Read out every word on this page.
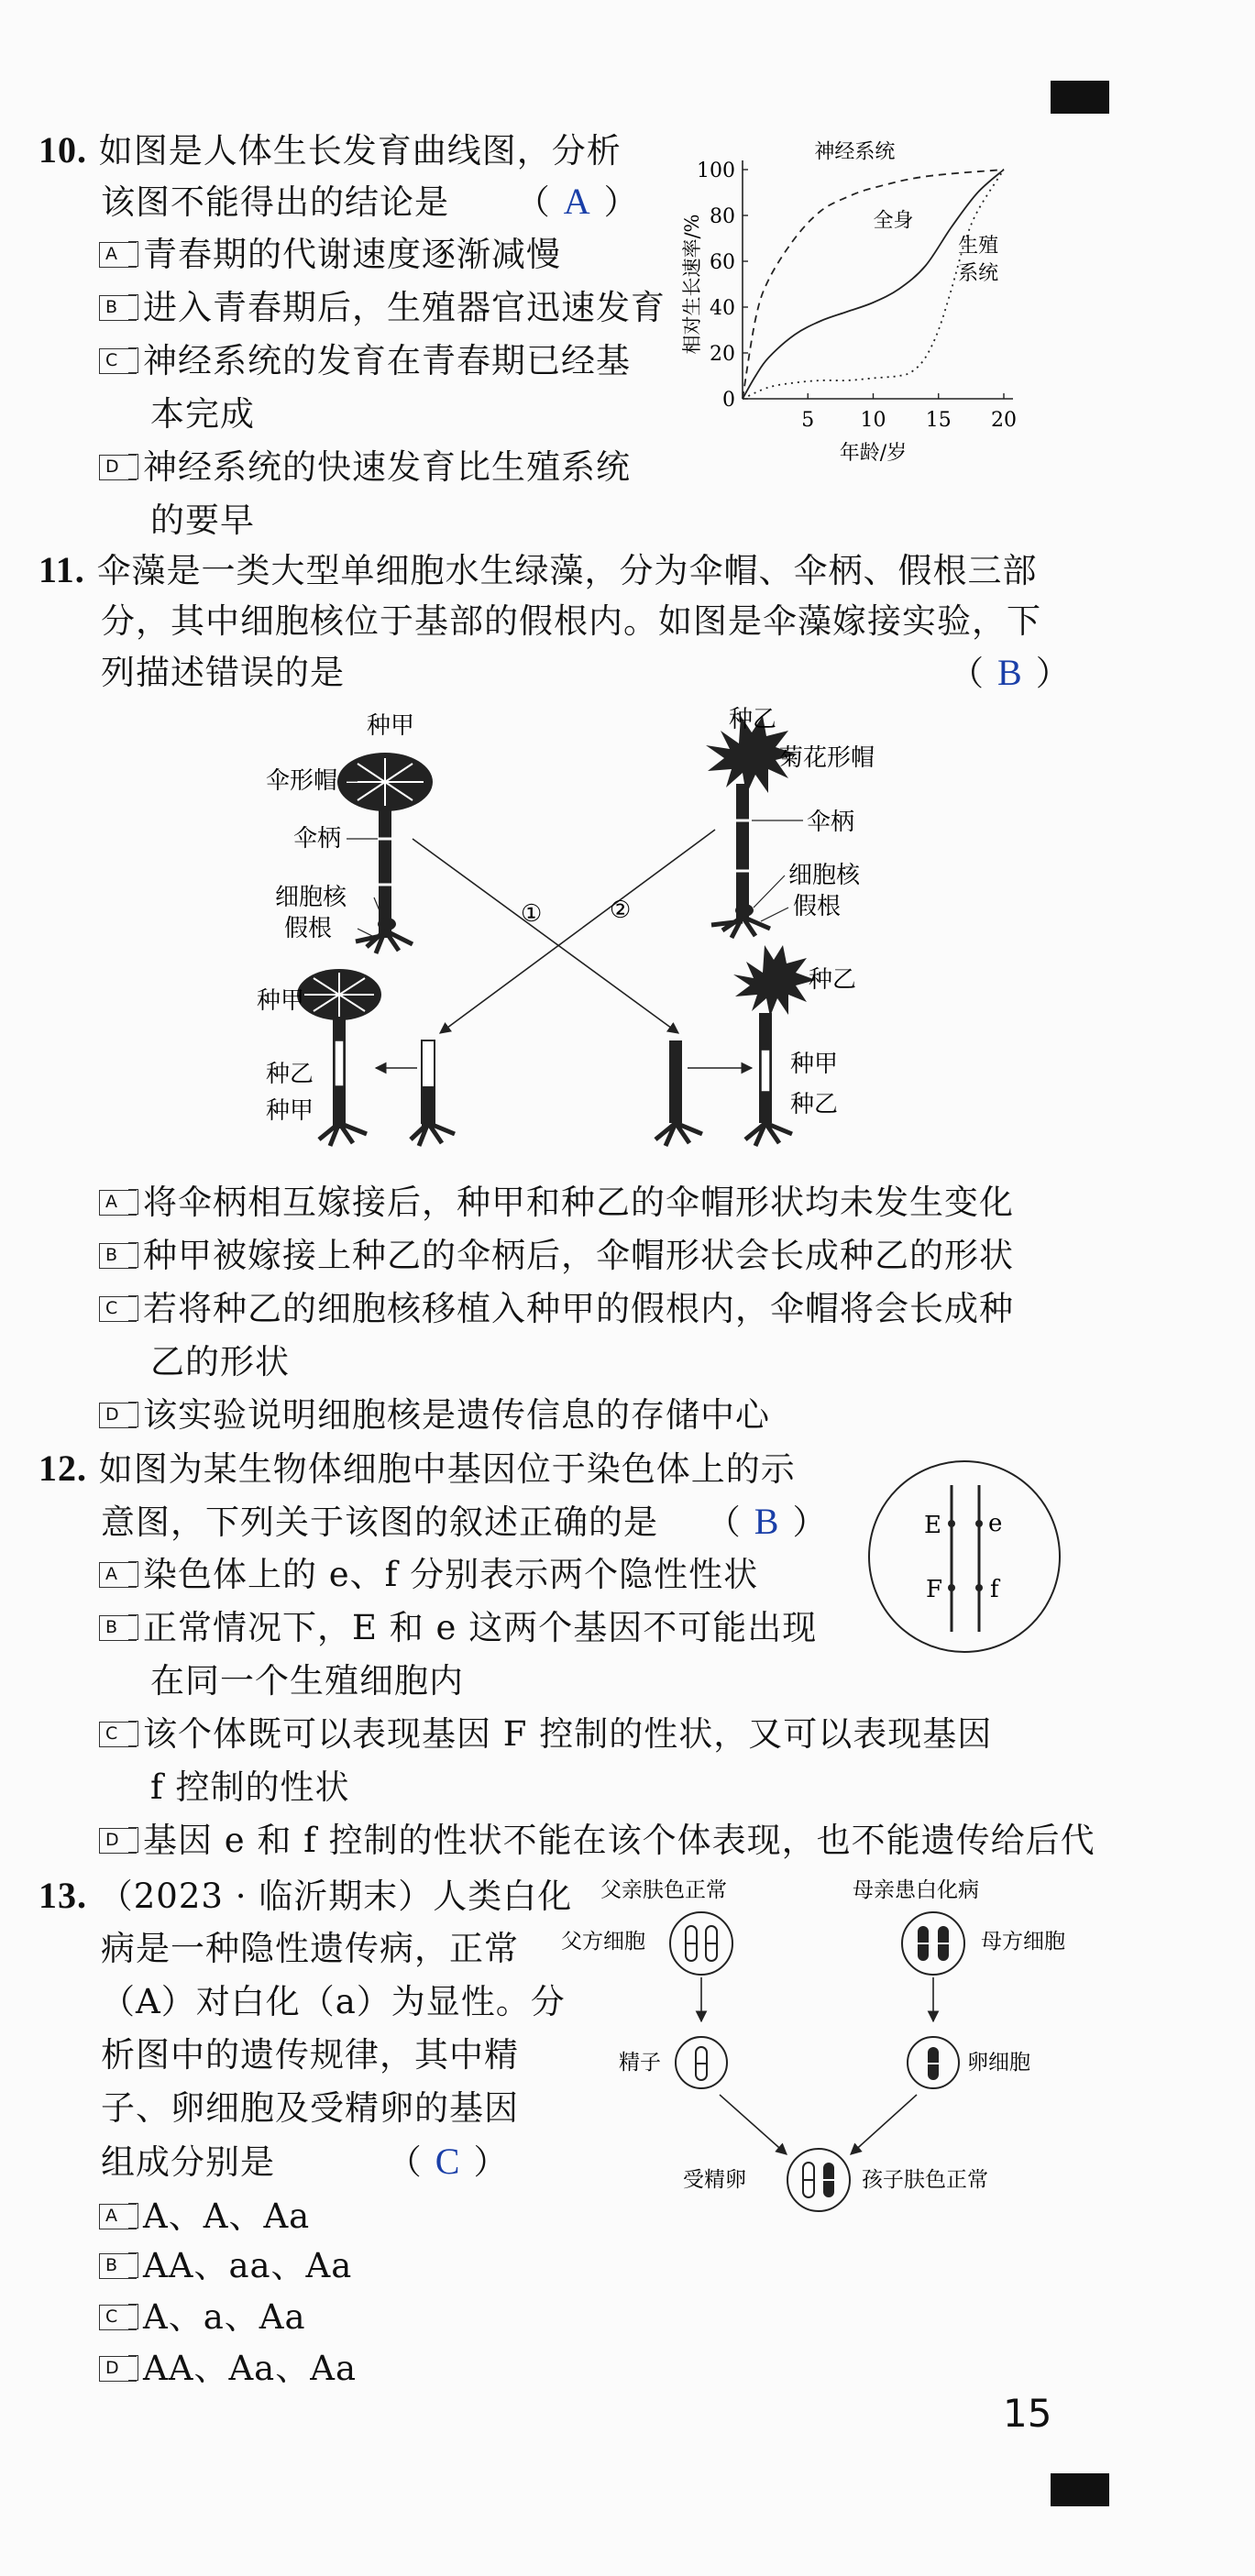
10. 如图是人体生长发育曲线图，分析
该图不能得出的结论是 （ A ）
A 青春期的代谢速度逐渐减慢
B 进入青春期后，生殖器官迅速发育
C 神经系统的发育在青春期已经基
本完成
D 神经系统的快速发育比生殖系统
的要早
5 10 15 20
0
20
40
60
80
100
年龄/岁
相对生长速率/%
神经系统
全身
生殖
系统
11. 伞藻是一类大型单细胞水生绿藻，分为伞帽、伞柄、假根三部
分，其中细胞核位于基部的假根内。如图是伞藻嫁接实验，下
列描述错误的是	（ B ）
种甲
伞形帽
伞柄
细胞核
假根
①	②
种乙
菊花形帽
伞柄
细胞核
假根
种甲
种乙
种甲
种乙
种甲
种乙
A 将伞柄相互嫁接后，种甲和种乙的伞帽形状均未发生变化
B 种甲被嫁接上种乙的伞柄后，伞帽形状会长成种乙的形状
C 若将种乙的细胞核移植入种甲的假根内，伞帽将会长成种
乙的形状
D 该实验说明细胞核是遗传信息的存储中心
12. 如图为某生物体细胞中基因位于染色体上的示
意图，下列关于该图的叙述正确的是 （ B ）
A 染色体上的 e、f 分别表示两个隐性性状
B 正常情况下，E 和 e 这两个基因不可能出现
在同一个生殖细胞内
C 该个体既可以表现基因 F 控制的性状，又可以表现基因
f 控制的性状
D 基因 e 和 f 控制的性状不能在该个体表现，也不能遗传给后代
E e
F f
13. （2023 · 临沂期末）人类白化
病是一种隐性遗传病，正常
（A）对白化（a）为显性。分
析图中的遗传规律，其中精
子、卵细胞及受精卵的基因
组成分别是	（ C ）
A A、A、Aa
B AA、aa、Aa
C A、a、Aa
D AA、Aa、Aa
父亲肤色正常	母亲患白化病
父方细胞	母方细胞
精子	卵细胞
受精卵	孩子肤色正常
15
